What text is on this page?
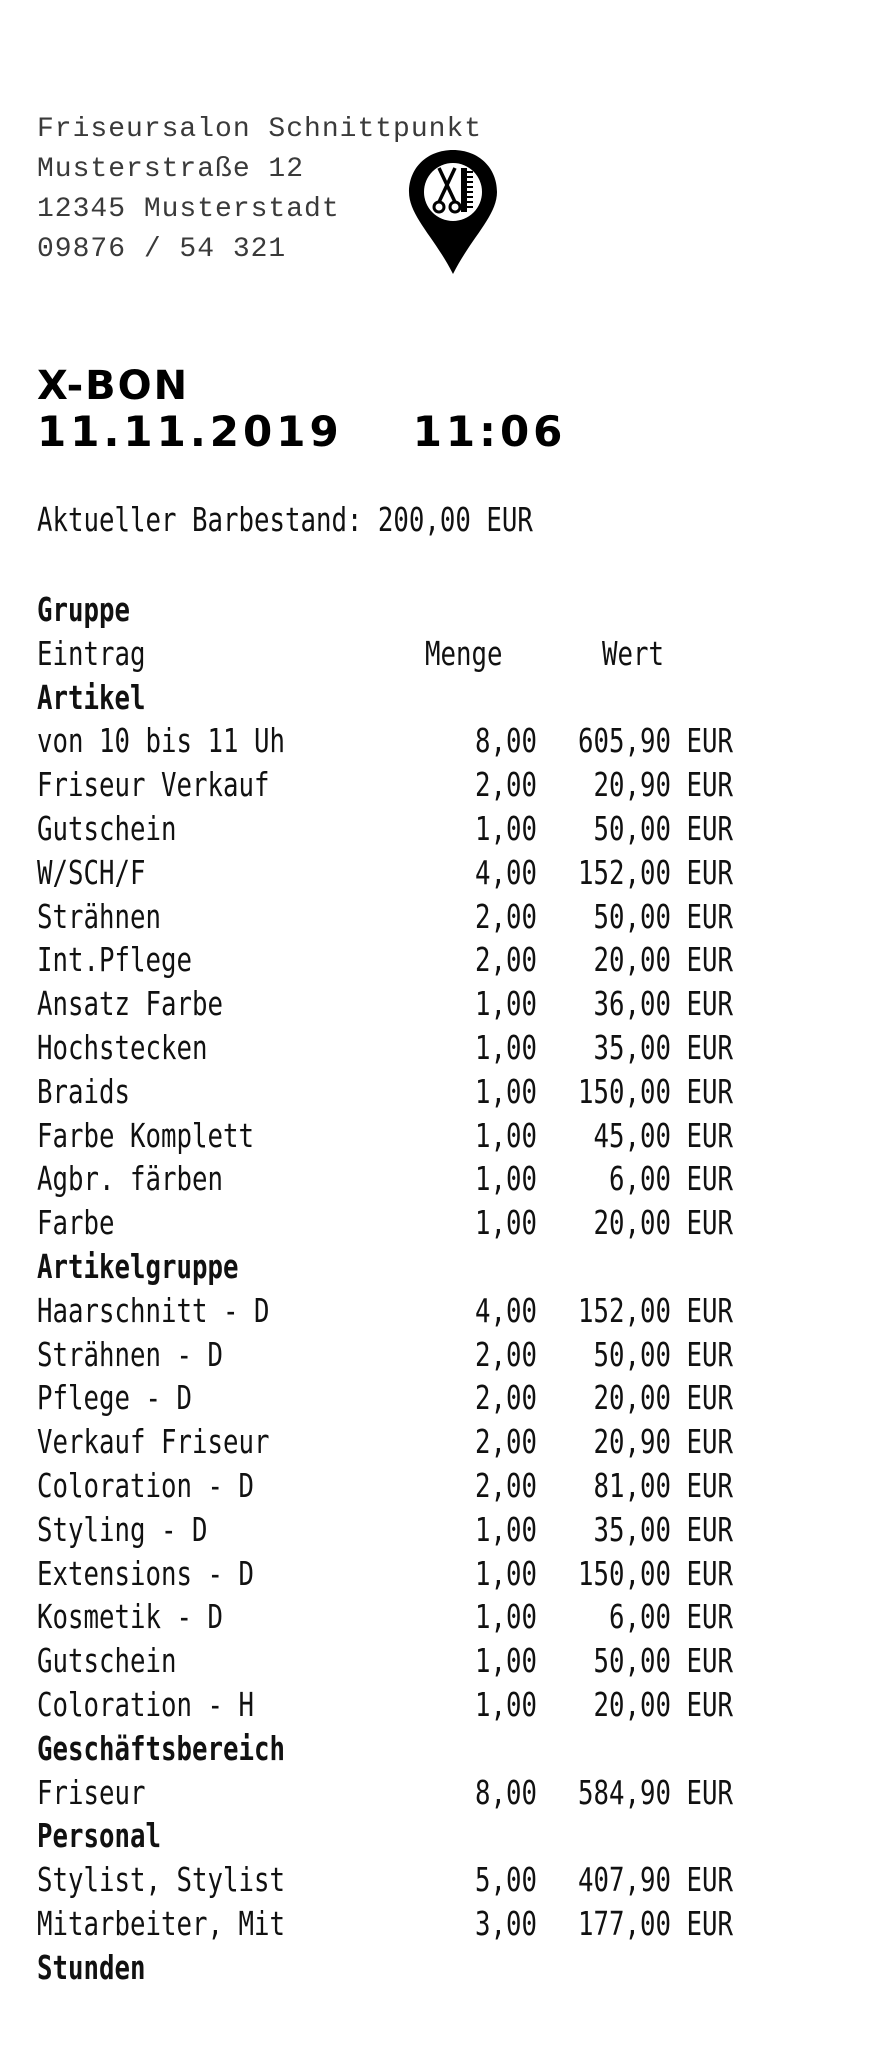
Friseursalon Schnittpunkt
Musterstraße 12
12345 Musterstadt
09876 / 54 321
X-BON
11.11.2019 11:06
Aktueller Barbestand: 200,00 EUR
Gruppe
Eintrag	Menge	Wert
Artikel
von 10 bis 11 Uh	8,00	605,90 EUR
Friseur Verkauf	2,00	20,90 EUR
Gutschein	1,00	50,00 EUR
W/SCH/F	4,00	152,00 EUR
Strähnen	2,00	50,00 EUR
Int.Pflege	2,00	20,00 EUR
Ansatz Farbe	1,00	36,00 EUR
Hochstecken	1,00	35,00 EUR
Braids	1,00	150,00 EUR
Farbe Komplett	1,00	45,00 EUR
Agbr. färben	1,00	6,00 EUR
Farbe	1,00	20,00 EUR
Artikelgruppe
Haarschnitt - D	4,00	152,00 EUR
Strähnen - D	2,00	50,00 EUR
Pflege - D	2,00	20,00 EUR
Verkauf Friseur	2,00	20,90 EUR
Coloration - D	2,00	81,00 EUR
Styling - D	1,00	35,00 EUR
Extensions - D	1,00	150,00 EUR
Kosmetik - D	1,00	6,00 EUR
Gutschein	1,00	50,00 EUR
Coloration - H	1,00	20,00 EUR
Geschäftsbereich
Friseur	8,00	584,90 EUR
Personal
Stylist, Stylist	5,00	407,90 EUR
Mitarbeiter, Mit	3,00	177,00 EUR
Stunden
